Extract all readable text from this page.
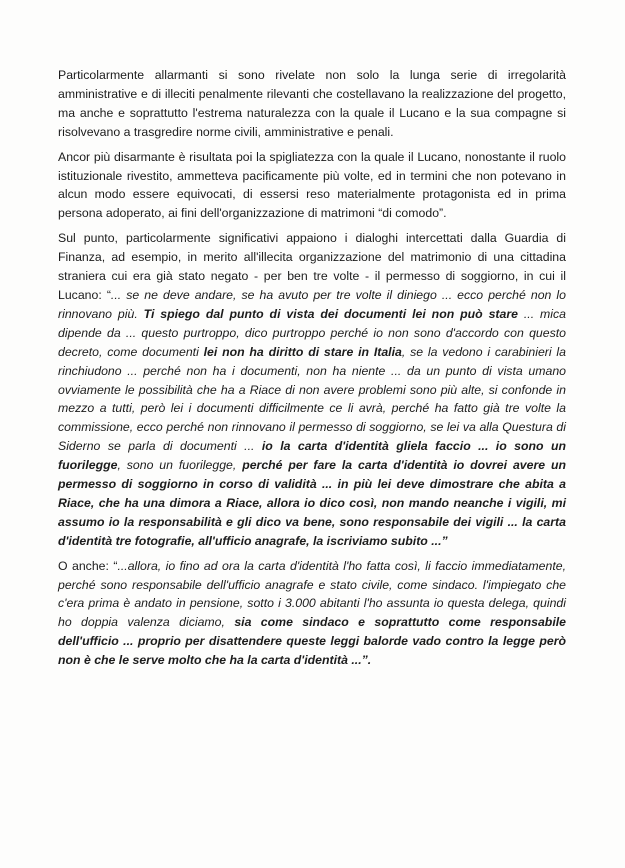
Particolarmente allarmanti si sono rivelate non solo la lunga serie di irregolarità amministrative e di illeciti penalmente rilevanti che costellavano la realizzazione del progetto, ma anche e soprattutto l'estrema naturalezza con la quale il Lucano e la sua compagne si risolvevano a trasgredire norme civili, amministrative e penali.

Ancor più disarmante è risultata poi la spigliatezza con la quale il Lucano, nonostante il ruolo istituzionale rivestito, ammetteva pacificamente più volte, ed in termini che non potevano in alcun modo essere equivocati, di essersi reso materialmente protagonista ed in prima persona adoperato, ai fini dell'organizzazione di matrimoni “di comodo”.

Sul punto, particolarmente significativi appaiono i dialoghi intercettati dalla Guardia di Finanza, ad esempio, in merito all'illecita organizzazione del matrimonio di una cittadina straniera cui era già stato negato - per ben tre volte - il permesso di soggiorno, in cui il Lucano: “... se ne deve andare, se ha avuto per tre volte il diniego ... ecco perché non lo rinnovano più. Ti spiego dal punto di vista dei documenti lei non può stare ... mica dipende da ... questo purtroppo, dico purtroppo perché io non sono d'accordo con questo decreto, come documenti lei non ha diritto di stare in Italia, se la vedono i carabinieri la rinchiudono ... perché non ha i documenti, non ha niente ... da un punto di vista umano ovviamente le possibilità che ha a Riace di non avere problemi sono più alte, si confonde in mezzo a tutti, però lei i documenti difficilmente ce li avrà, perché ha fatto già tre volte la commissione, ecco perché non rinnovano il permesso di soggiorno, se lei va alla Questura di Siderno se parla di documenti ... io la carta d'identità gliela faccio ... io sono un fuorilegge, sono un fuorilegge, perché per fare la carta d'identità io dovrei avere un permesso di soggiorno in corso di validità ... in più lei deve dimostrare che abita a Riace, che ha una dimora a Riace, allora io dico così, non mando neanche i vigili, mi assumo io la responsabilità e gli dico va bene, sono responsabile dei vigili ... la carta d'identità tre fotografie, all'ufficio anagrafe, la iscriviamo subito ...”

O anche: “...allora, io fino ad ora la carta d'identità l'ho fatta così, li faccio immediatamente, perché sono responsabile dell'ufficio anagrafe e stato civile, come sindaco. l'impiegato che c'era prima è andato in pensione, sotto i 3.000 abitanti l'ho assunta io questa delega, quindi ho doppia valenza diciamo, sia come sindaco e soprattutto come responsabile dell'ufficio ... proprio per disattendere queste leggi balorde vado contro la legge però non è che le serve molto che ha la carta d'identità ...”.
